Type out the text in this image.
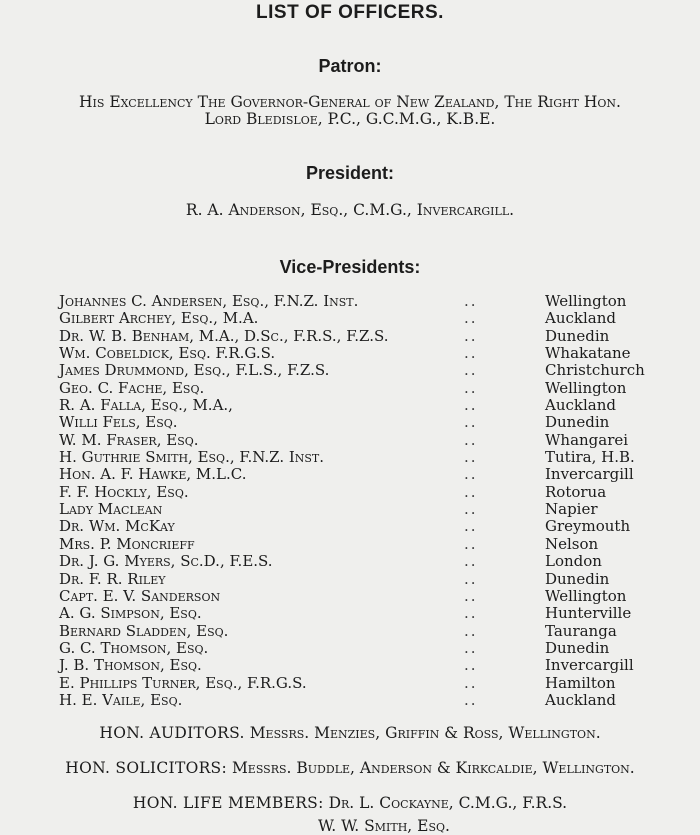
LIST OF OFFICERS.
Patron:
His Excellency The Governor-General of New Zealand, The Right Hon.
Lord Bledisloe, P.C., G.C.M.G., K.B.E.
President:
R. A. Anderson, Esq., C.M.G., Invercargill.
Vice-Presidents:
Johannes C. Andersen, Esq., F.N.Z. Inst.	..	Wellington
Gilbert Archey, Esq., M.A.	..	Auckland
Dr. W. B. Benham, M.A., D.Sc., F.R.S., F.Z.S.	..	Dunedin
Wm. Cobeldick, Esq. F.R.G.S.	..	Whakatane
James Drummond, Esq., F.L.S., F.Z.S.	..	Christchurch
Geo. C. Fache, Esq.	..	Wellington
R. A. Falla, Esq., M.A.,	..	Auckland
Willi Fels, Esq.	..	Dunedin
W. M. Fraser, Esq.	..	Whangarei
H. Guthrie Smith, Esq., F.N.Z. Inst.	..	Tutira, H.B.
Hon. A. F. Hawke, M.L.C.	..	Invercargill
F. F. Hockly, Esq.	..	Rotorua
Lady Maclean	..	Napier
Dr. Wm. McKay	..	Greymouth
Mrs. P. Moncrieff	..	Nelson
Dr. J. G. Myers, Sc.D., F.E.S.	..	London
Dr. F. R. Riley	..	Dunedin
Capt. E. V. Sanderson	..	Wellington
A. G. Simpson, Esq.	..	Hunterville
Bernard Sladden, Esq.	..	Tauranga
G. C. Thomson, Esq.	..	Dunedin
J. B. Thomson, Esq.	..	Invercargill
E. Phillips Turner, Esq., F.R.G.S.	..	Hamilton
H. E. Vaile, Esq.	..	Auckland
HON. AUDITORS. Messrs. Menzies, Griffin & Ross, Wellington.
HON. SOLICITORS: Messrs. Buddle, Anderson & Kirkcaldie, Wellington.
HON. LIFE MEMBERS: Dr. L. Cockayne, C.M.G., F.R.S.
W. W. Smith, Esq.
